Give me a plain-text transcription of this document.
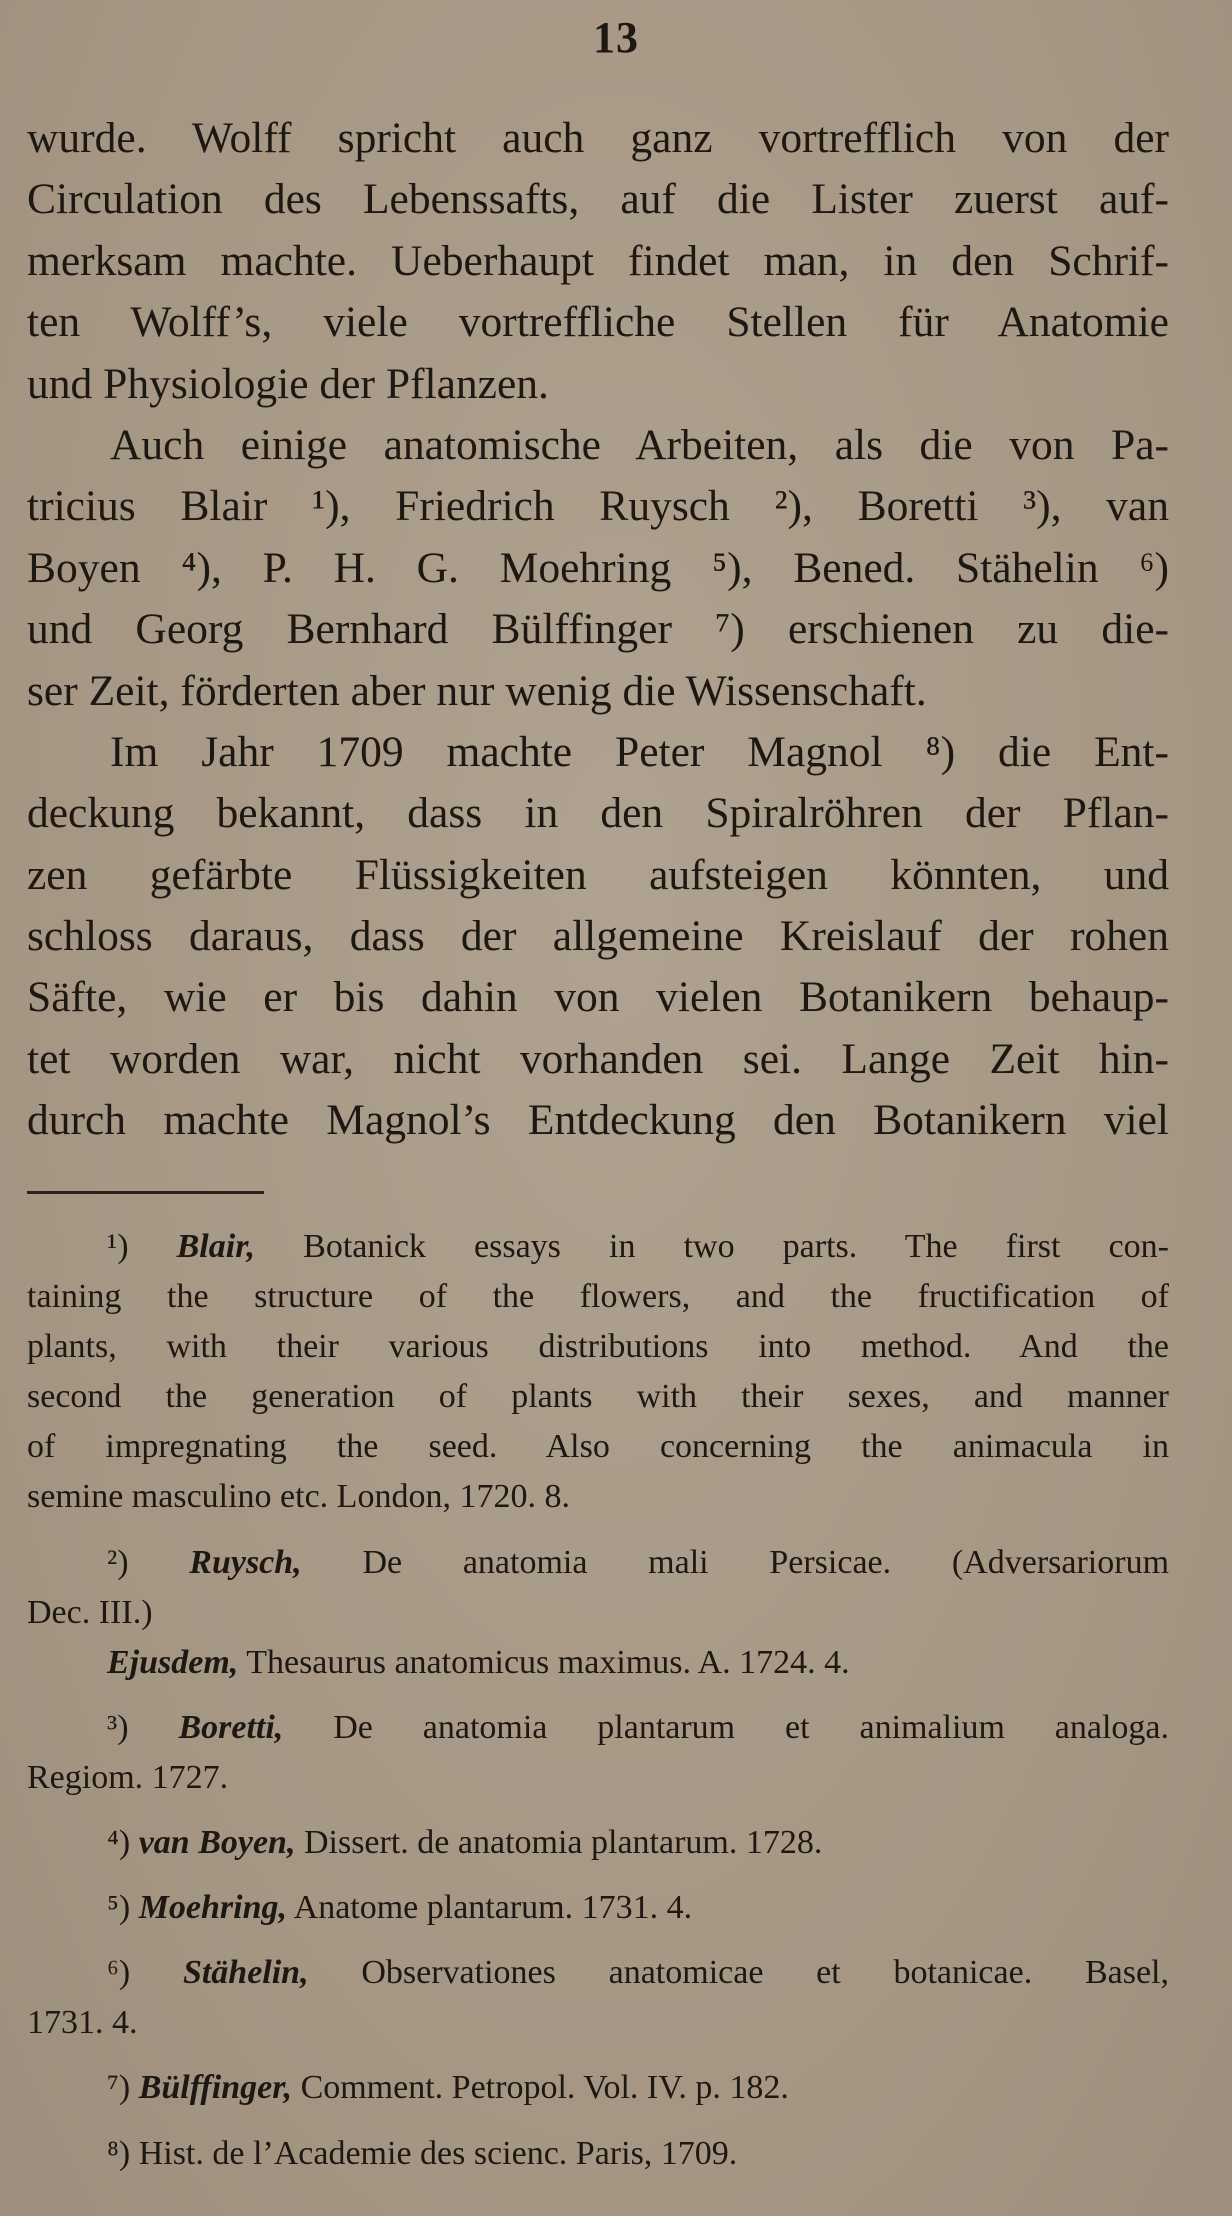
13
wurde. Wolff spricht auch ganz vortrefflich von der
Circulation des Lebenssafts, auf die Lister zuerst auf-
merksam machte. Ueberhaupt findet man, in den Schrif-
ten Wolff’s, viele vortreffliche Stellen für Anatomie
und Physiologie der Pflanzen.
Auch einige anatomische Arbeiten, als die von Pa-
tricius Blair ¹), Friedrich Ruysch ²), Boretti ³), van
Boyen ⁴), P. H. G. Moehring ⁵), Bened. Stähelin ⁶)
und Georg Bernhard Bülffinger ⁷) erschienen zu die-
ser Zeit, förderten aber nur wenig die Wissenschaft.
Im Jahr 1709 machte Peter Magnol ⁸) die Ent-
deckung bekannt, dass in den Spiralröhren der Pflan-
zen gefärbte Flüssigkeiten aufsteigen könnten, und
schloss daraus, dass der allgemeine Kreislauf der rohen
Säfte, wie er bis dahin von vielen Botanikern behaup-
tet worden war, nicht vorhanden sei. Lange Zeit hin-
durch machte Magnol’s Entdeckung den Botanikern viel
¹) Blair, Botanick essays in two parts. The first con-
taining the structure of the flowers, and the fructification of
plants, with their various distributions into method. And the
second the generation of plants with their sexes, and manner
of impregnating the seed. Also concerning the animacula in
semine masculino etc. London, 1720. 8.
²) Ruysch, De anatomia mali Persicae. (Adversariorum
Dec. III.)
Ejusdem, Thesaurus anatomicus maximus. A. 1724. 4.
³) Boretti, De anatomia plantarum et animalium analoga.
Regiom. 1727.
⁴) van Boyen, Dissert. de anatomia plantarum. 1728.
⁵) Moehring, Anatome plantarum. 1731. 4.
⁶) Stähelin, Observationes anatomicae et botanicae. Basel,
1731. 4.
⁷) Bülffinger, Comment. Petropol. Vol. IV. p. 182.
⁸) Hist. de l’Academie des scienc. Paris, 1709.
